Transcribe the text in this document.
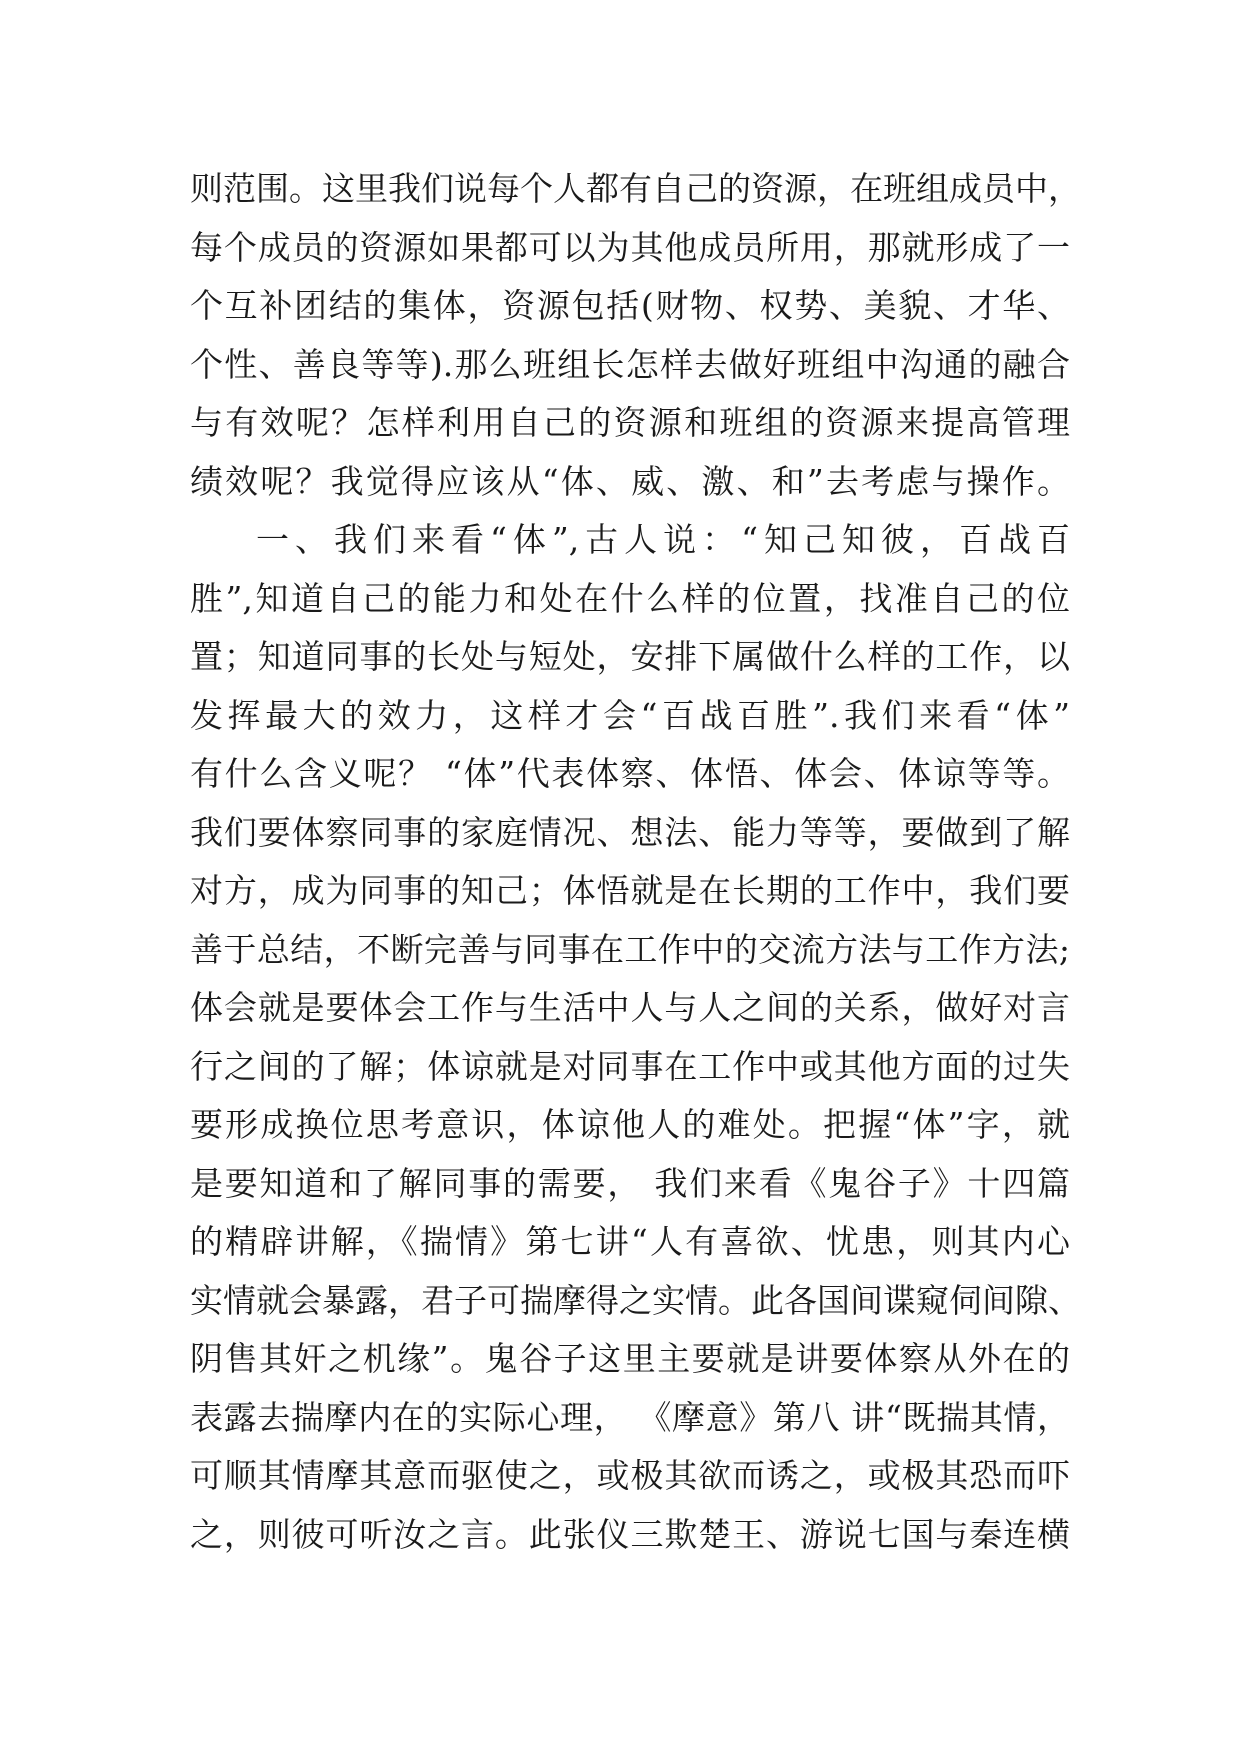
则范围。这里我们说每个人都有自己的资源，在班组成员中，
每个成员的资源如果都可以为其他成员所用，那就形成了一
个互补团结的集体，资源包括(财物、权势、美貌、才华、
个性、善良等等).那么班组长怎样去做好班组中沟通的融合
与有效呢？怎样利用自己的资源和班组的资源来提高管理
绩效呢？我觉得应该从“体、威、激、和”去考虑与操作。
一、我们来看“体”,古人说：“知己知彼，百战百
胜”,知道自己的能力和处在什么样的位置，找准自己的位
置；知道同事的长处与短处，安排下属做什么样的工作，以
发挥最大的效力，这样才会“百战百胜”.我们来看“体”
有什么含义呢？ “体”代表体察、体悟、体会、体谅等等。
我们要体察同事的家庭情况、想法、能力等等，要做到了解
对方，成为同事的知己；体悟就是在长期的工作中，我们要
善于总结，不断完善与同事在工作中的交流方法与工作方法;
体会就是要体会工作与生活中人与人之间的关系，做好对言
行之间的了解；体谅就是对同事在工作中或其他方面的过失
要形成换位思考意识，体谅他人的难处。把握“体”字，就
是要知道和了解同事的需要， 我们来看《鬼谷子》十四篇
的精辟讲解，《揣情》第七讲“人有喜欲、忧患，则其内心
实情就会暴露，君子可揣摩得之实情。此各国间谍窥伺间隙、
阴售其奸之机缘”。鬼谷子这里主要就是讲要体察从外在的
表露去揣摩内在的实际心理， 《摩意》第八 讲“既揣其情，
可顺其情摩其意而驱使之，或极其欲而诱之，或极其恐而吓
之，则彼可听汝之言。此张仪三欺楚王、游说七国与秦连横
